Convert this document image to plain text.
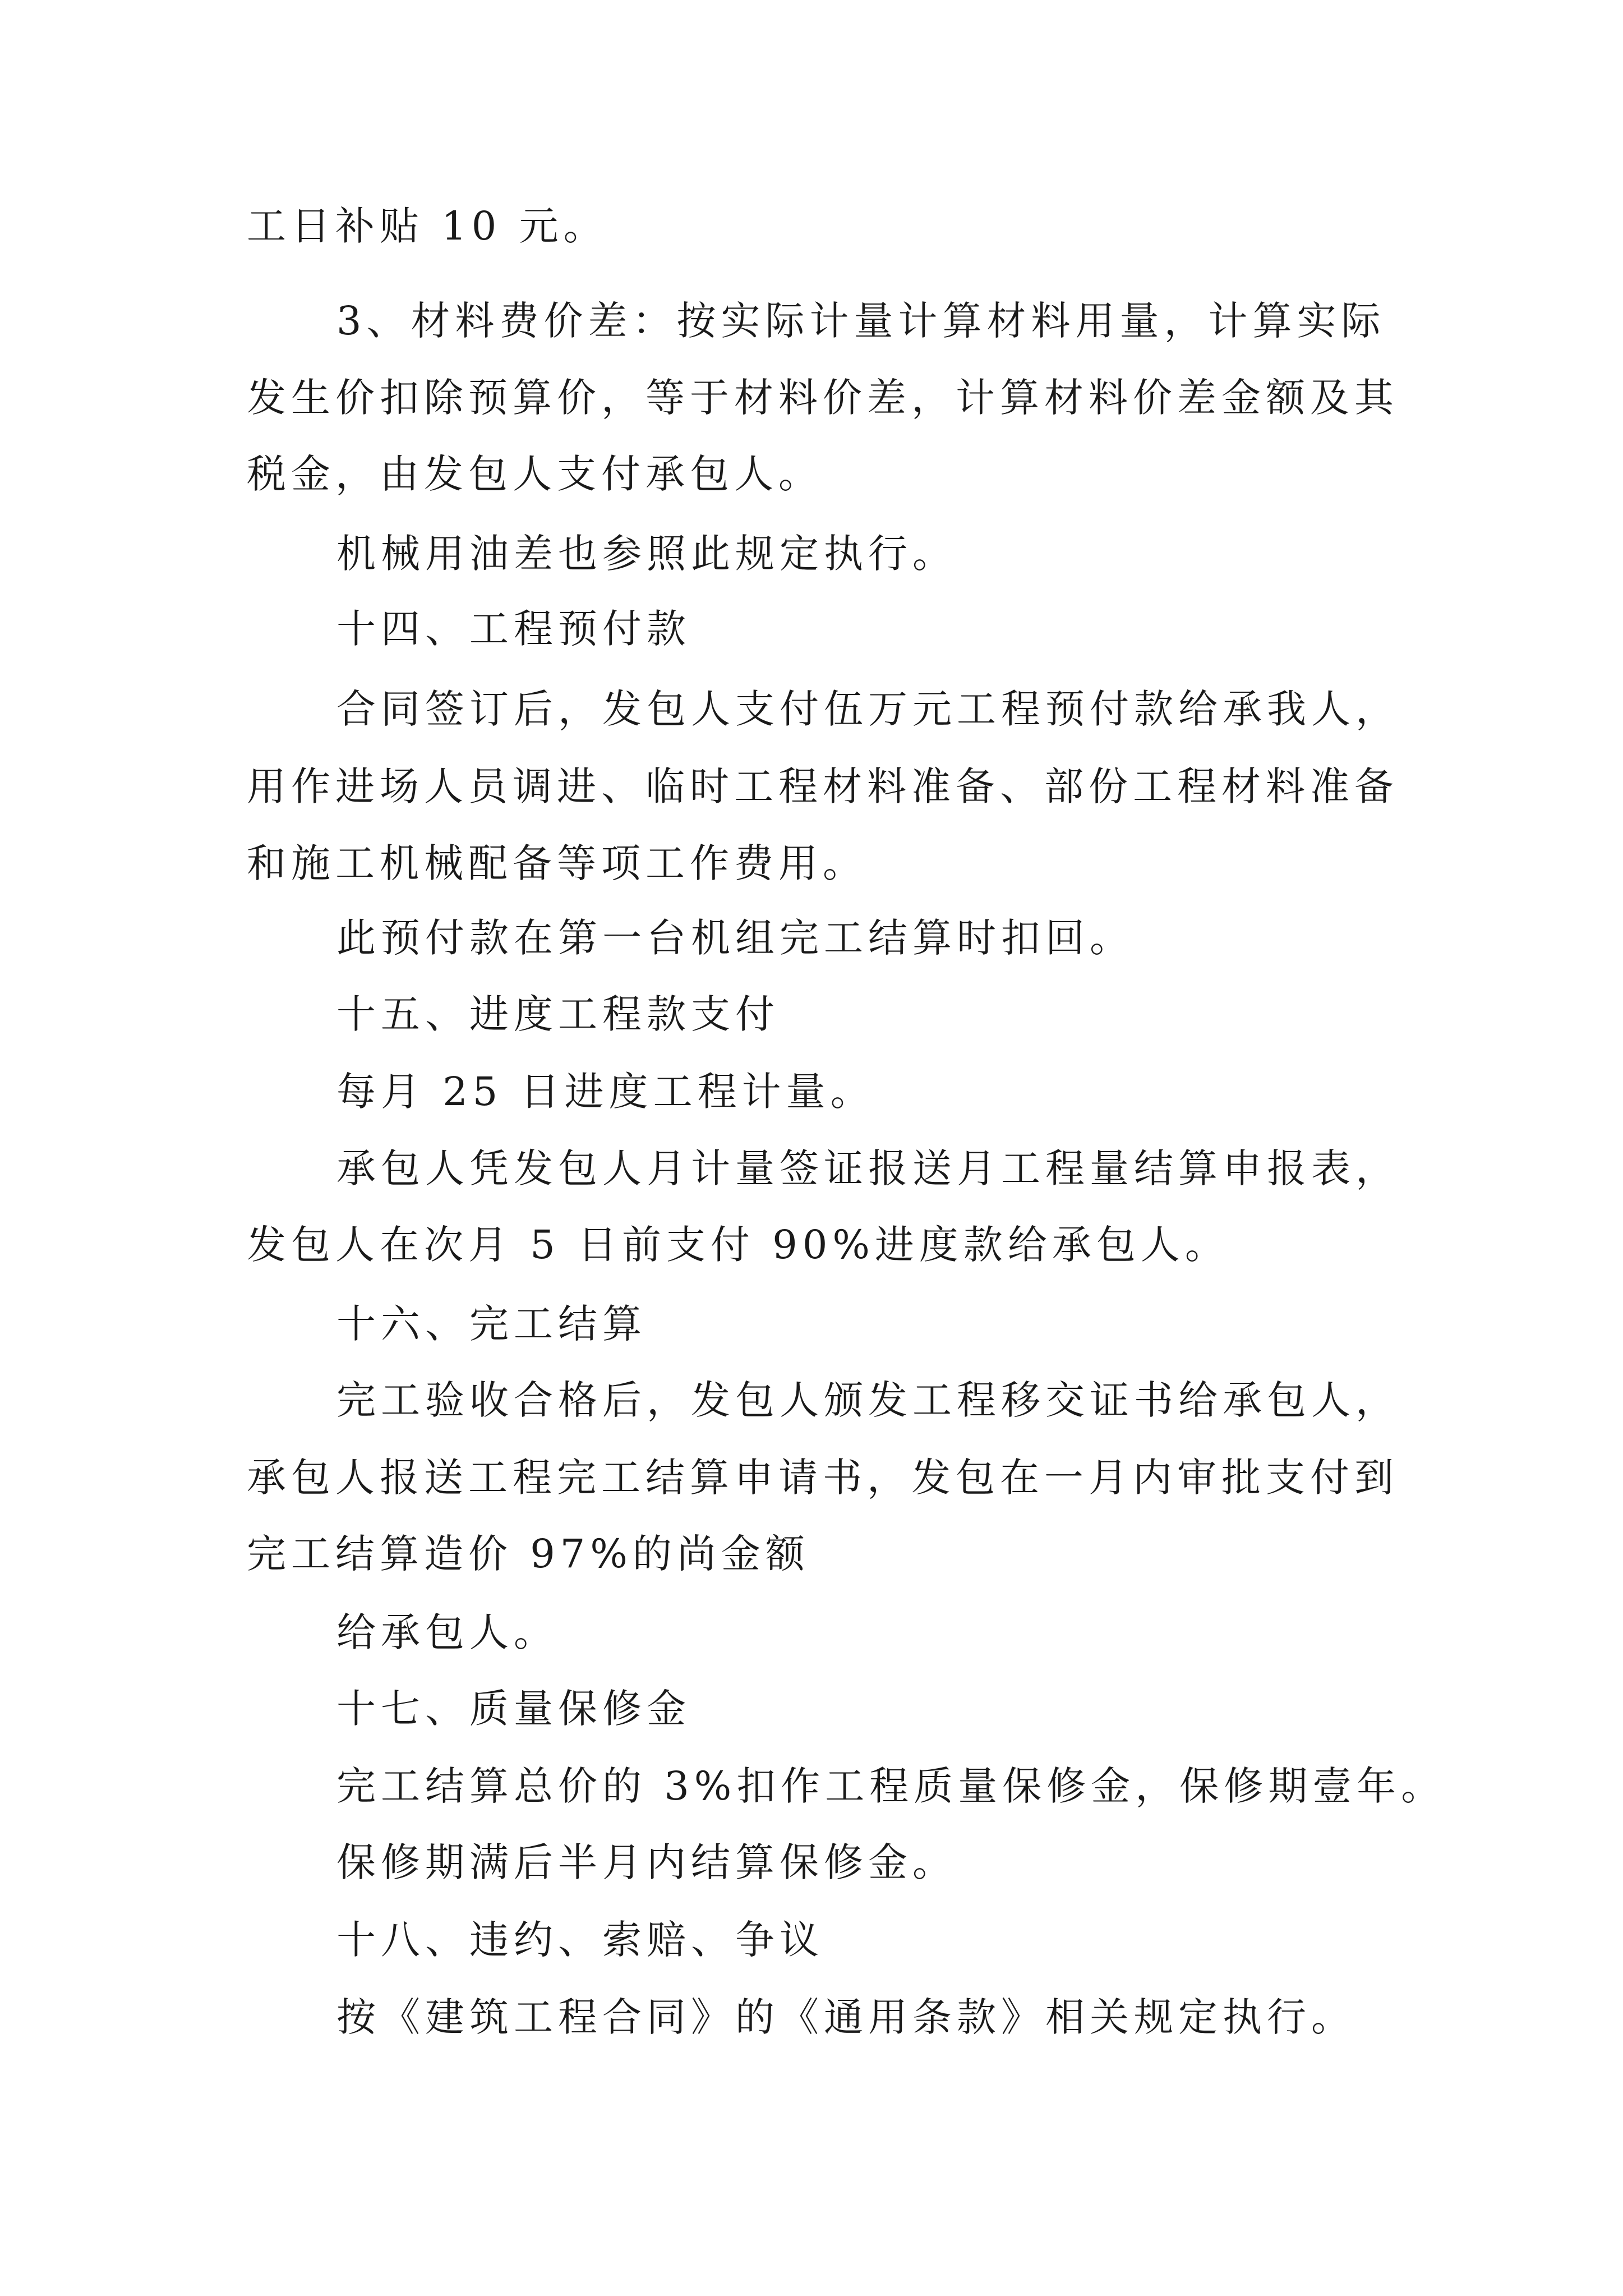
工日补贴 10 元。
3、材料费价差：按实际计量计算材料用量，计算实际
发生价扣除预算价，等于材料价差，计算材料价差金额及其
税金，由发包人支付承包人。
机械用油差也参照此规定执行。
十四、工程预付款
合同签订后，发包人支付伍万元工程预付款给承我人，
用作进场人员调进、临时工程材料准备、部份工程材料准备
和施工机械配备等项工作费用。
此预付款在第一台机组完工结算时扣回。
十五、进度工程款支付
每月 25 日进度工程计量。
承包人凭发包人月计量签证报送月工程量结算申报表，
发包人在次月 5 日前支付 90%进度款给承包人。
十六、完工结算
完工验收合格后，发包人颁发工程移交证书给承包人，
承包人报送工程完工结算申请书，发包在一月内审批支付到
完工结算造价 97%的尚金额
给承包人。
十七、质量保修金
完工结算总价的 3%扣作工程质量保修金，保修期壹年。
保修期满后半月内结算保修金。
十八、违约、索赔、争议
按《建筑工程合同》的《通用条款》相关规定执行。
